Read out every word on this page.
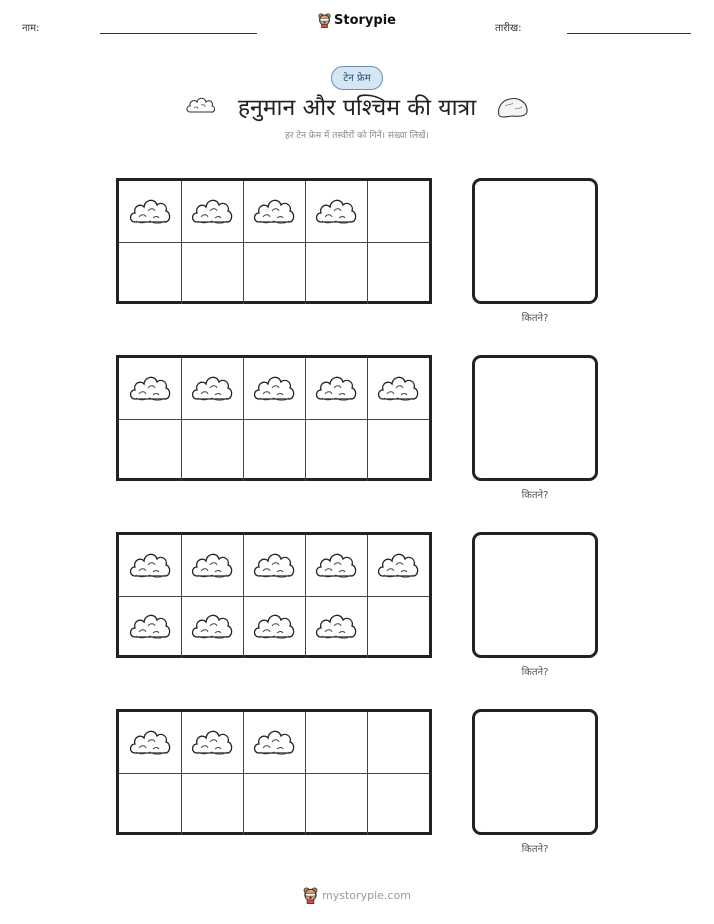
नाम:
Storypie
तारीख:
टेन फ्रेम
हनुमान और पश्चिम की यात्रा
हर टेन फ्रेम में तस्वीरों को गिनें। संख्या लिखें।
कितने?
कितने?
कितने?
कितने?
mystorypie.com
